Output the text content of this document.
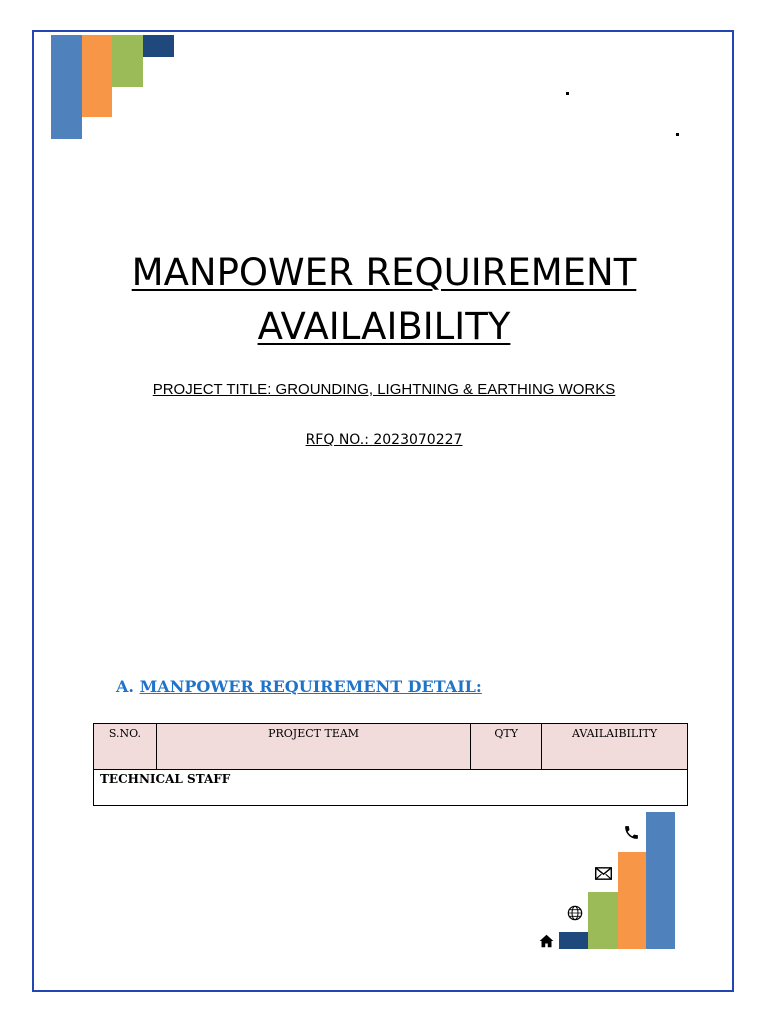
MANPOWER REQUIREMENT
AVAILAIBILITY
PROJECT TITLE: GROUNDING, LIGHTNING & EARTHING WORKS
RFQ NO.: 2023070227
A. MANPOWER REQUIREMENT DETAIL:
S.NO.	PROJECT TEAM	QTY	AVAILAIBILITY
TECHNICAL STAFF
